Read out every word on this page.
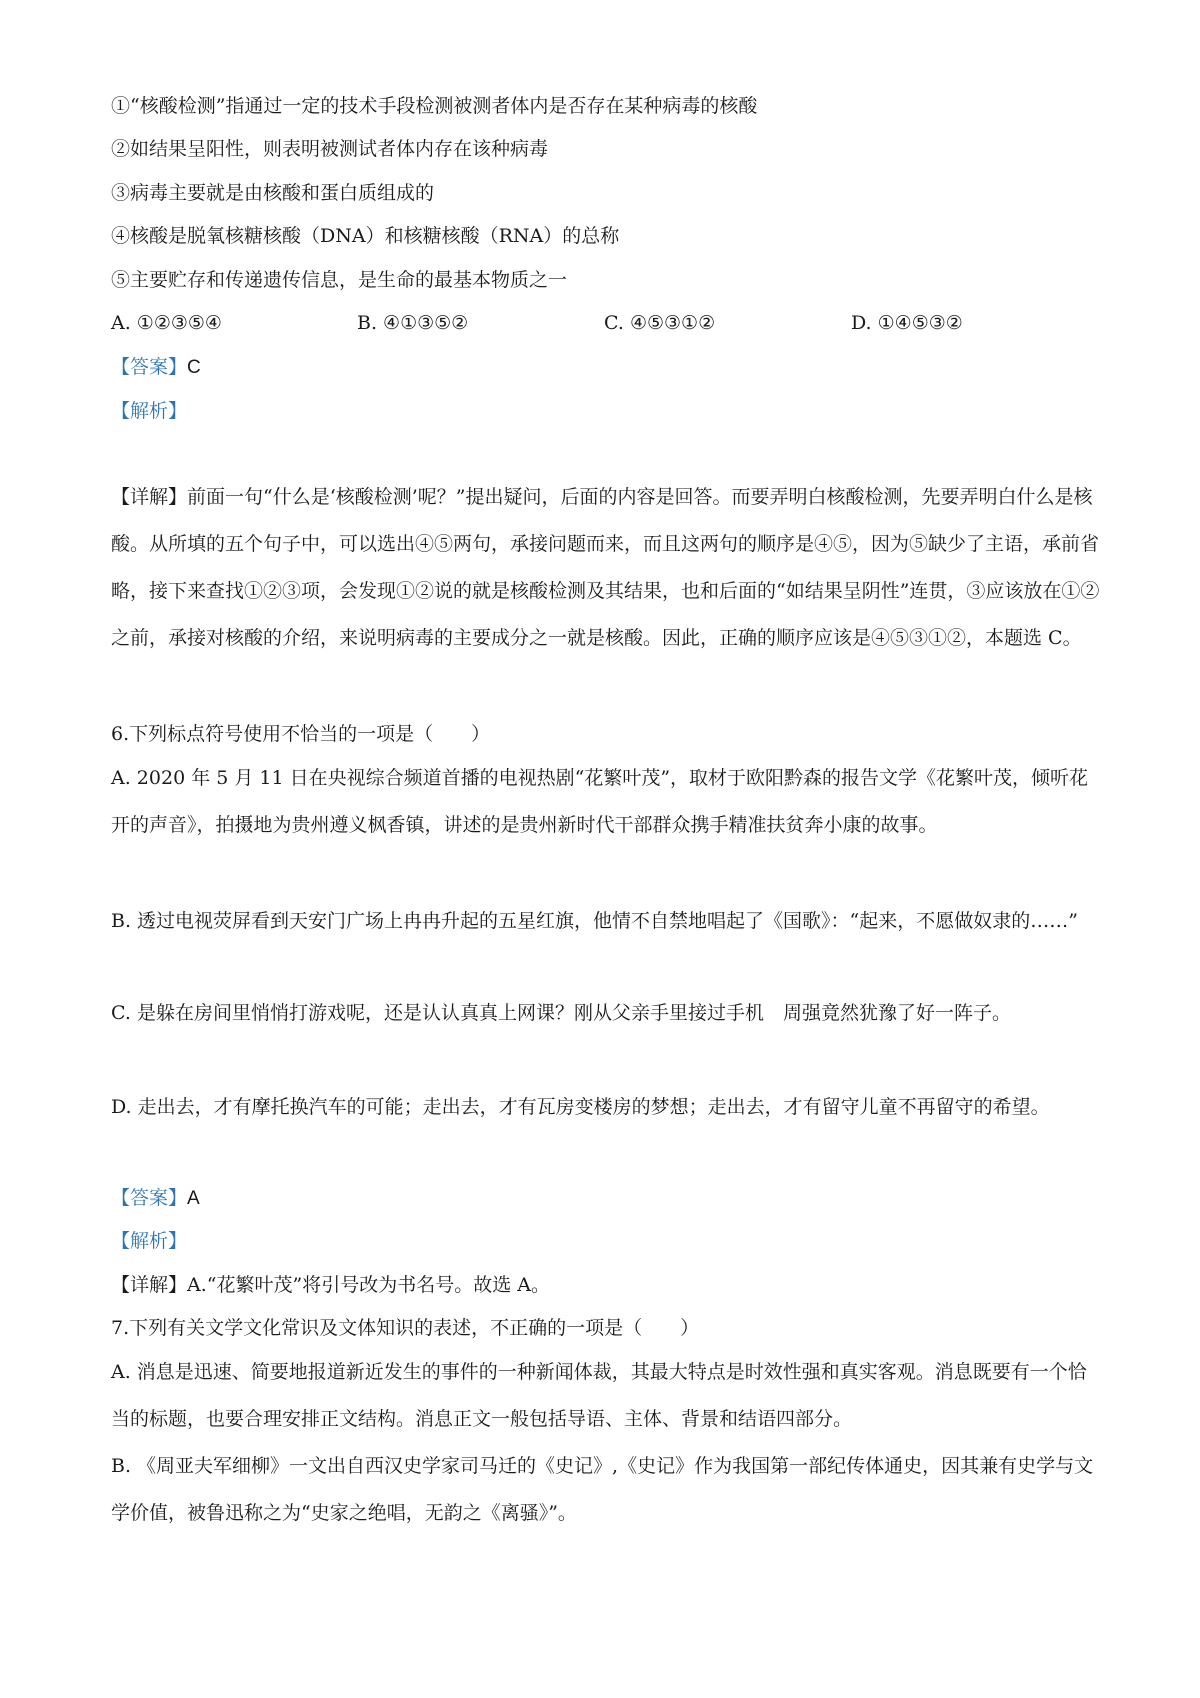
①“核酸检测”指通过一定的技术手段检测被测者体内是否存在某种病毒的核酸
②如结果呈阳性，则表明被测试者体内存在该种病毒
③病毒主要就是由核酸和蛋白质组成的
④核酸是脱氧核糖核酸（DNA）和核糖核酸（RNA）的总称
⑤主要贮存和传递遗传信息，是生命的最基本物质之一
A. ①②③⑤④	B. ④①③⑤②	C. ④⑤③①②	D. ①④⑤③②
【答案】C
【解析】
【详解】前面一句“什么是‘核酸检测’呢？”提出疑问，后面的内容是回答。而要弄明白核酸检测，先要弄明白什么是核酸。从所填的五个句子中，可以选出④⑤两句，承接问题而来，而且这两句的顺序是④⑤，因为⑤缺少了主语，承前省略，接下来查找①②③项，会发现①②说的就是核酸检测及其结果，也和后面的“如结果呈阴性”连贯，③应该放在①②之前，承接对核酸的介绍，来说明病毒的主要成分之一就是核酸。因此，正确的顺序应该是④⑤③①②，本题选 C。
6.下列标点符号使用不恰当的一项是（　　）
A. 2020 年 5 月 11 日在央视综合频道首播的电视热剧“花繁叶茂”，取材于欧阳黔森的报告文学《花繁叶茂，倾听花开的声音》，拍摄地为贵州遵义枫香镇，讲述的是贵州新时代干部群众携手精准扶贫奔小康的故事。
B. 透过电视荧屏看到天安门广场上冉冉升起的五星红旗，他情不自禁地唱起了《国歌》：“起来，不愿做奴隶的……”
C. 是躲在房间里悄悄打游戏呢，还是认认真真上网课？刚从父亲手里接过手机　周强竟然犹豫了好一阵子。
D. 走出去，才有摩托换汽车的可能；走出去，才有瓦房变楼房的梦想；走出去，才有留守儿童不再留守的希望。
【答案】A
【解析】
【详解】A.“花繁叶茂”将引号改为书名号。故选 A。
7.下列有关文学文化常识及文体知识的表述，不正确的一项是（　　）
A. 消息是迅速、简要地报道新近发生的事件的一种新闻体裁，其最大特点是时效性强和真实客观。消息既要有一个恰当的标题，也要合理安排正文结构。消息正文一般包括导语、主体、背景和结语四部分。
B. 《周亚夫军细柳》一文出自西汉史学家司马迁的《史记》,《史记》作为我国第一部纪传体通史，因其兼有史学与文学价值，被鲁迅称之为“史家之绝唱，无韵之《离骚》”。
